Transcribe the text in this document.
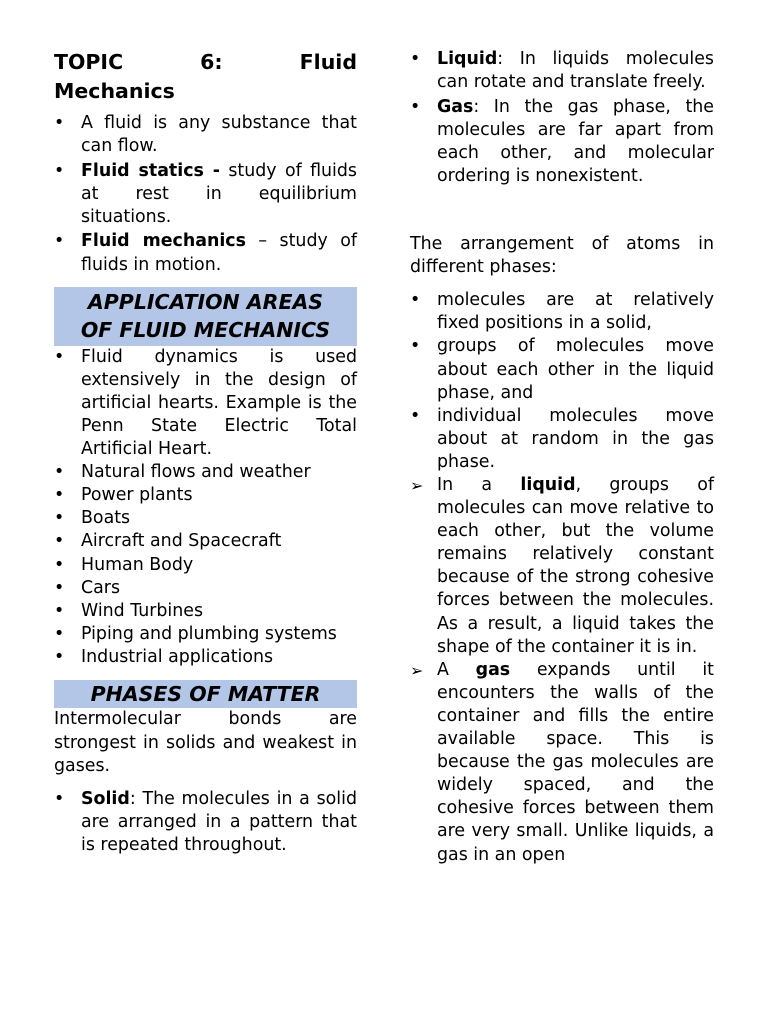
TOPIC	6:	Fluid
Mechanics
• A fluid is any substance that can flow.
• Fluid statics - study of fluids at rest in equilibrium situations.
• Fluid mechanics – study of fluids in motion.
APPLICATION AREAS
OF FLUID MECHANICS
• Fluid dynamics is used extensively in the design of artificial hearts. Example is the Penn State Electric Total Artificial Heart.
• Natural flows and weather
• Power plants
• Boats
• Aircraft and Spacecraft
• Human Body
• Cars
• Wind Turbines
• Piping and plumbing systems
• Industrial applications
PHASES OF MATTER

Intermolecular bonds are strongest in solids and weakest in gases.

• Solid: The molecules in a solid are arranged in a pattern that is repeated throughout.
• Liquid: In liquids molecules can rotate and translate freely.
• Gas: In the gas phase, the molecules are far apart from each other, and molecular ordering is nonexistent.

The arrangement of atoms in different phases:

• molecules are at relatively fixed positions in a solid,
• groups of molecules move about each other in the liquid phase, and
• individual molecules move about at random in the gas phase.
➢ In a liquid, groups of molecules can move relative to each other, but the volume remains relatively constant because of the strong cohesive forces between the molecules. As a result, a liquid takes the shape of the container it is in.
➢ A gas expands until it encounters the walls of the container and fills the entire available space. This is because the gas molecules are widely spaced, and the cohesive forces between them are very small. Unlike liquids, a gas in an open
